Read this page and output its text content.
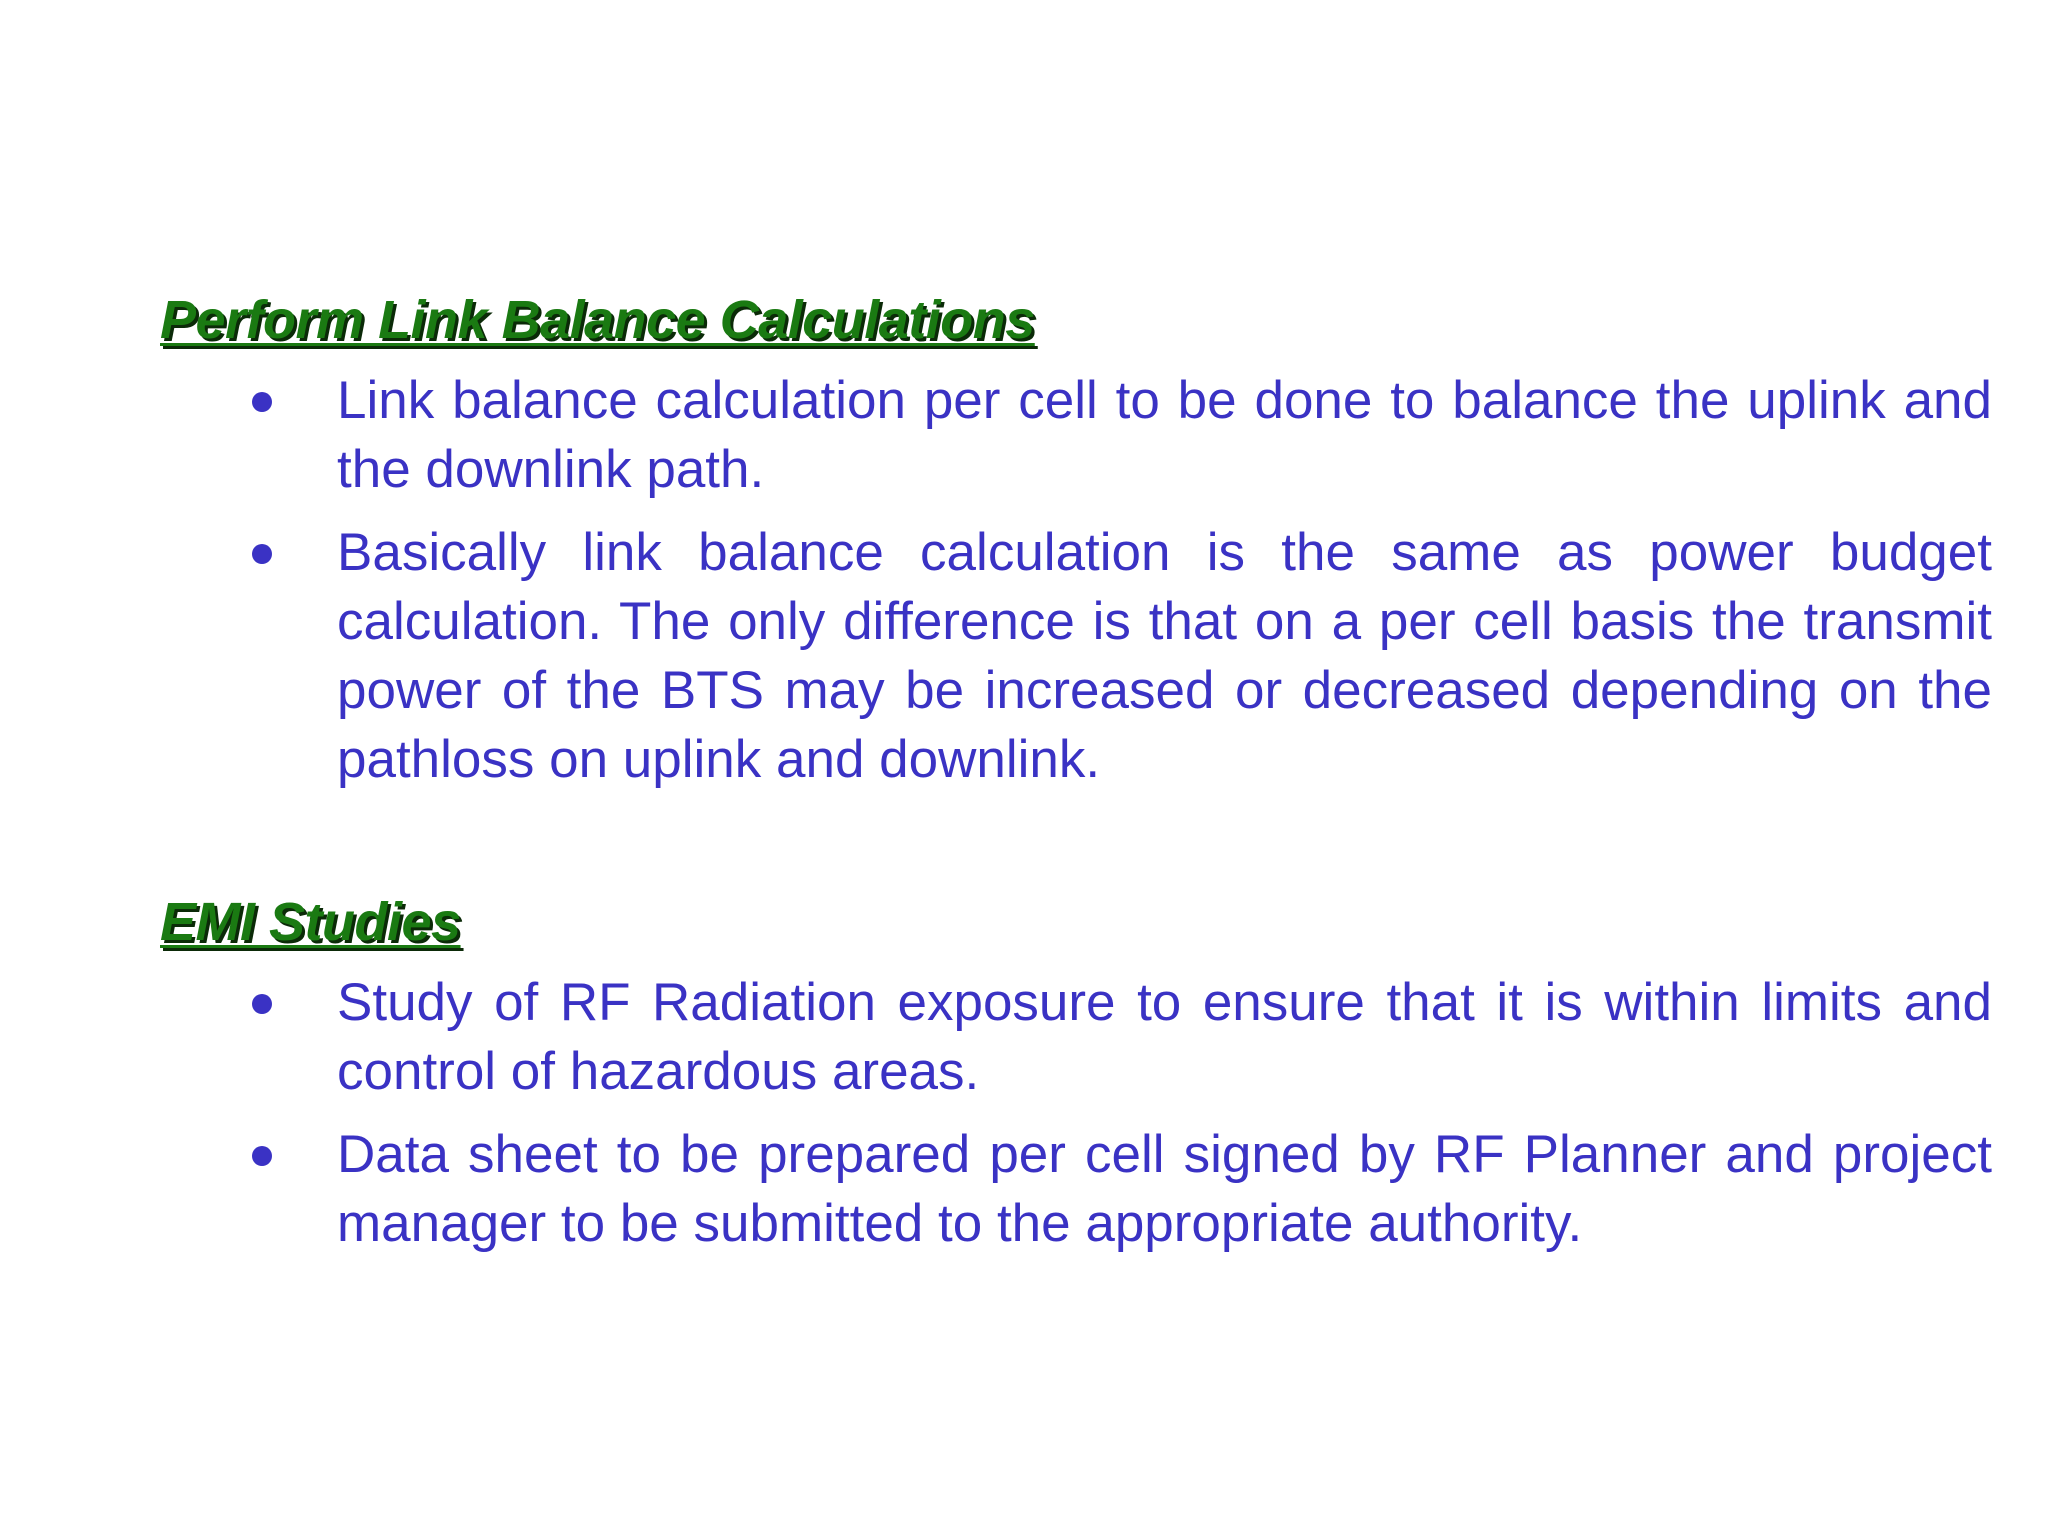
Perform Link Balance Calculations
Link balance calculation per cell to be done to balance the uplink and the downlink path.
Basically link balance calculation is the same as power budget calculation. The only difference is that on a per cell basis the transmit power of the BTS may be increased or decreased depending on the pathloss on uplink and downlink.
EMI Studies
Study of RF Radiation exposure to ensure that it is within limits and control of hazardous areas.
Data sheet to be prepared per cell signed by RF Planner and project manager to be submitted to the appropriate authority.
